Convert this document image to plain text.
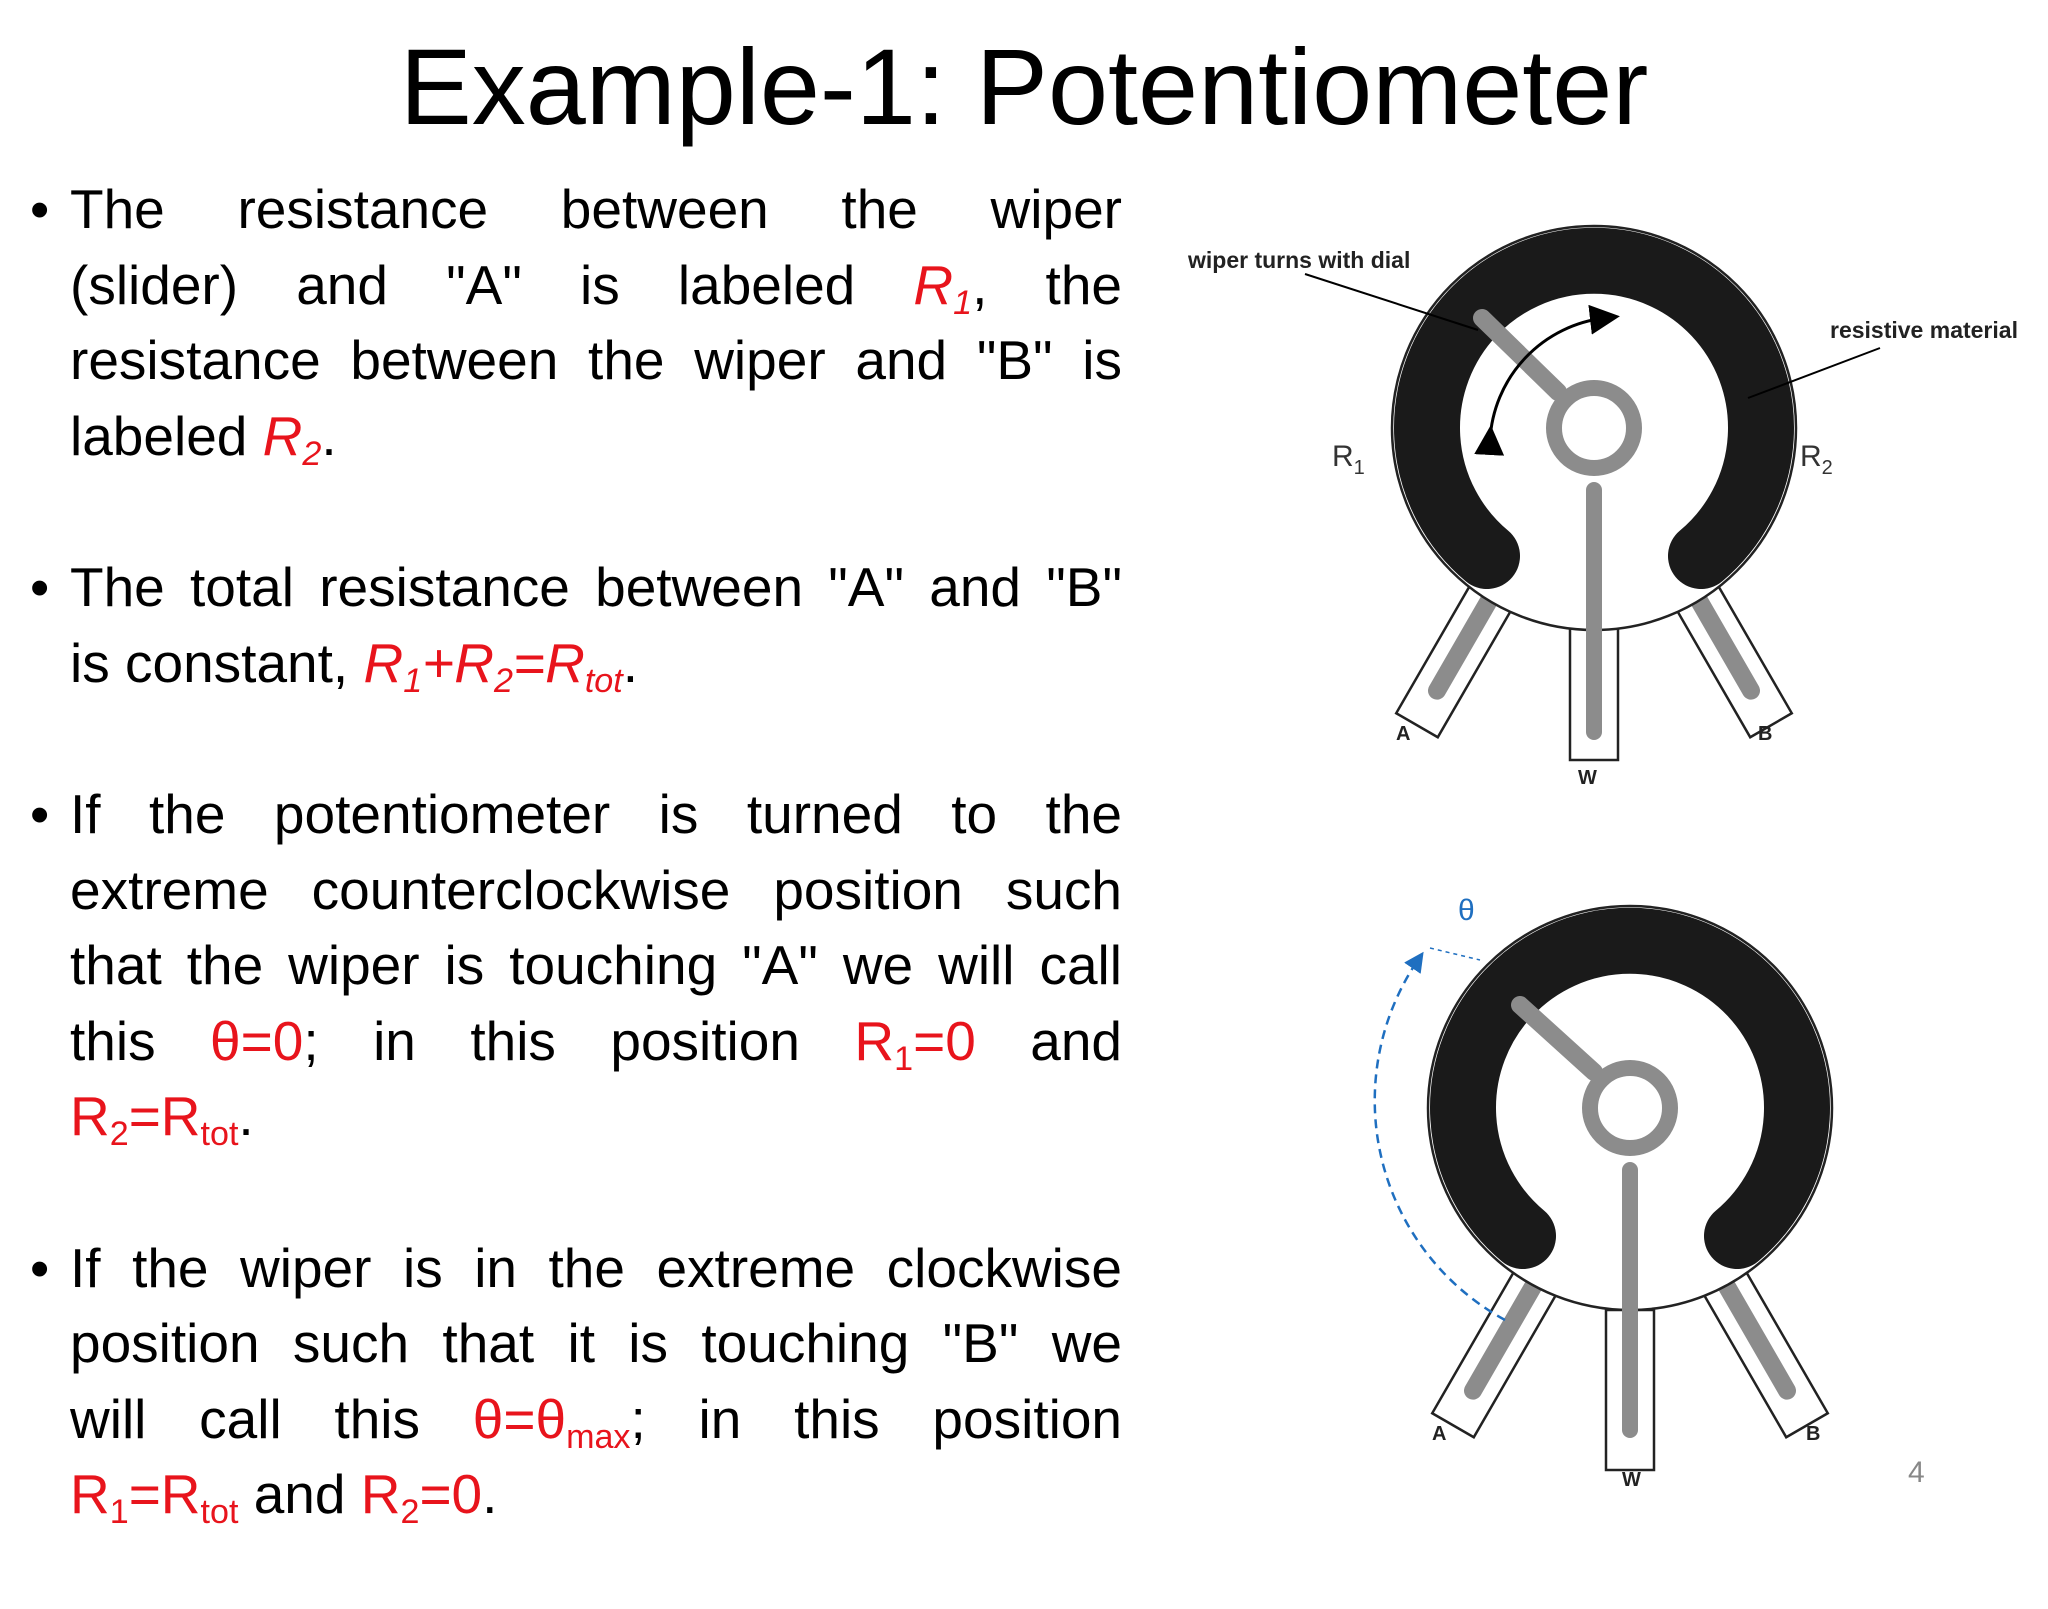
Example-1: Potentiometer
• The resistance between the wiper
(slider) and "A" is labeled $R_1$, the
resistance between the wiper and "B" is
labeled $R_2$.
• The total resistance between "A" and "B"
is constant, $R_1+R_2=R_{tot}$.
• If the potentiometer is turned to the
extreme counterclockwise position such
that the wiper is touching "A" we will call
this θ=0; in this position $R_1=0$ and
$R_2=R_{tot}$.
• If the wiper is in the extreme clockwise
position such that it is touching "B" we
will call this $\theta=\theta_{max}$; in this position
$R_1=R_{tot}$ and $R_2=0$.
wiper turns with dial
resistive material
$R_1$	$R_2$
A
W
B
θ
A
W
B
4
